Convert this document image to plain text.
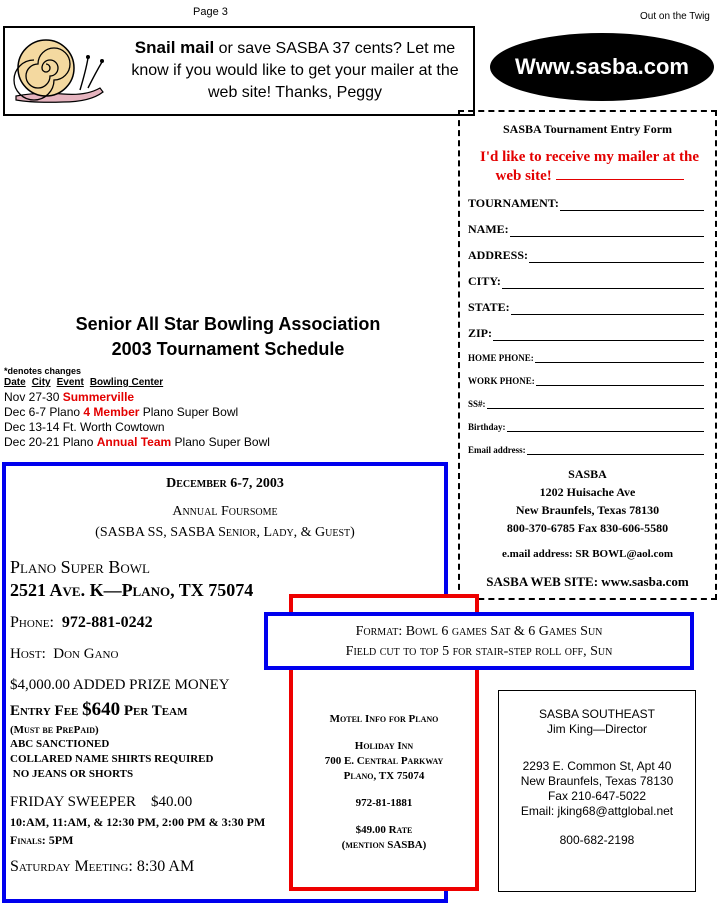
Page 3	Out on the Twig
Snail mail or save SASBA 37 cents? Let me know if you would like to get your mailer at the web site! Thanks, Peggy
Www.sasba.com
SASBA Tournament Entry Form
I'd like to receive my mailer at the web site!
TOURNAMENT:
NAME:
ADDRESS:
CITY:
STATE:
ZIP:
HOME PHONE:
WORK PHONE:
SS#:
Birthday:
Email address:
SASBA
1202 Huisache Ave
New Braunfels, Texas 78130
800-370-6785 Fax 830-606-5580
e.mail address: SR BOWL@aol.com
SASBA WEB SITE: www.sasba.com
Senior All Star Bowling Association
2003 Tournament Schedule
*denotes changes
Date City Event Bowling Center
Nov 27-30 Summerville
Dec 6-7 Plano 4 Member Plano Super Bowl
Dec 13-14 Ft. Worth Cowtown
Dec 20-21 Plano Annual Team Plano Super Bowl
December 6-7, 2003
Annual Foursome
(SASBA SS, SASBA Senior, Lady, & Guest)
Plano Super Bowl
2521 Ave. K—Plano, TX 75074
Phone: 972-881-0242
Host: Don Gano
$4,000.00 ADDED PRIZE MONEY
Entry Fee $640 Per Team
(Must be PrePaid)
ABC SANCTIONED
COLLARED NAME SHIRTS REQUIRED
NO JEANS OR SHORTS
FRIDAY SWEEPER $40.00
10:AM, 11:AM, & 12:30 PM, 2:00 PM & 3:30 PM
Finals: 5PM
Saturday Meeting: 8:30 AM
Motel Info for Plano
Holiday Inn
700 E. Central Parkway
Plano, TX 75074
972-81-1881
$49.00 Rate
(mention SASBA)
Format: Bowl 6 games Sat & 6 Games Sun
Field cut to top 5 for stair-step roll off, Sun
SASBA SOUTHEAST
Jim King—Director
2293 E. Common St, Apt 40
New Braunfels, Texas 78130
Fax 210-647-5022
Email: jking68@attglobal.net
800-682-2198
